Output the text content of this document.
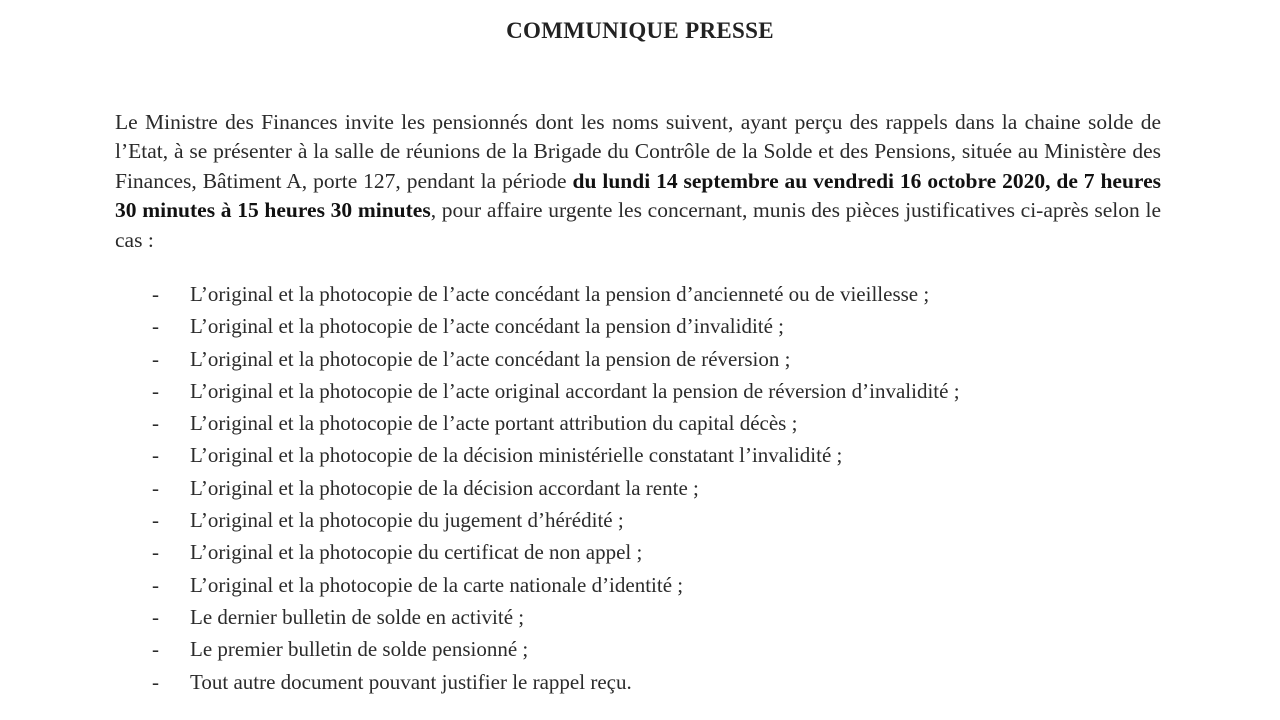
COMMUNIQUE PRESSE

Le Ministre des Finances invite les pensionnés dont les noms suivent, ayant perçu des rappels dans la chaine solde de l’Etat, à se présenter à la salle de réunions de la Brigade du Contrôle de la Solde et des Pensions, située au Ministère des Finances, Bâtiment A, porte 127, pendant la période du lundi 14 septembre au vendredi 16 octobre 2020, de 7 heures 30 minutes à 15 heures 30 minutes, pour affaire urgente les concernant, munis des pièces justificatives ci-après selon le cas :

-	L’original et la photocopie de l’acte concédant la pension d’ancienneté ou de vieillesse ;
-	L’original et la photocopie de l’acte concédant la pension d’invalidité ;
-	L’original et la photocopie de l’acte concédant la pension de réversion ;
-	L’original et la photocopie de l’acte original accordant la pension de réversion d’invalidité ;
-	L’original et la photocopie de l’acte portant attribution du capital décès ;
-	L’original et la photocopie de la décision ministérielle constatant l’invalidité ;
-	L’original et la photocopie de la décision accordant la rente ;
-	L’original et la photocopie du jugement d’hérédité ;
-	L’original et la photocopie du certificat de non appel ;
-	L’original et la photocopie de la carte nationale d’identité ;
-	Le dernier bulletin de solde en activité ;
-	Le premier bulletin de solde pensionné ;
-	Tout autre document pouvant justifier le rappel reçu.
